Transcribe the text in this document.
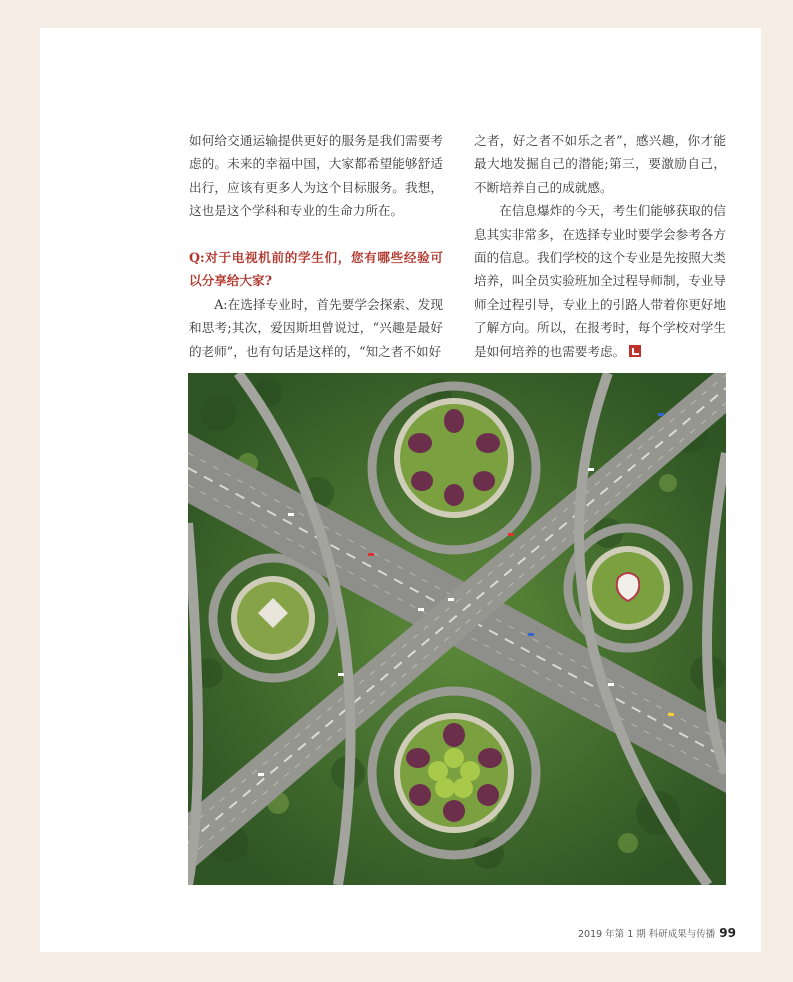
如何给交通运输提供更好的服务是我们需要考虑的。未来的幸福中国，大家都希望能够舒适出行，应该有更多人为这个目标服务。我想，这也是这个学科和专业的生命力所在。

Q:对于电视机前的学生们，您有哪些经验可以分享给大家?

A:在选择专业时，首先要学会探索、发现和思考;其次，爱因斯坦曾说过，“兴趣是最好的老师”，也有句话是这样的，“知之者不如好

之者，好之者不如乐之者”，感兴趣，你才能最大地发掘自己的潜能;第三，要激励自己，不断培养自己的成就感。

在信息爆炸的今天，考生们能够获取的信息其实非常多，在选择专业时要学会参考各方面的信息。我们学校的这个专业是先按照大类培养，叫全员实验班加全过程导师制，专业导师全过程引导，专业上的引路人带着你更好地了解方向。所以，在报考时，每个学校对学生是如何培养的也需要考虑。

2019 年第 1 期 科研成果与传播 99
